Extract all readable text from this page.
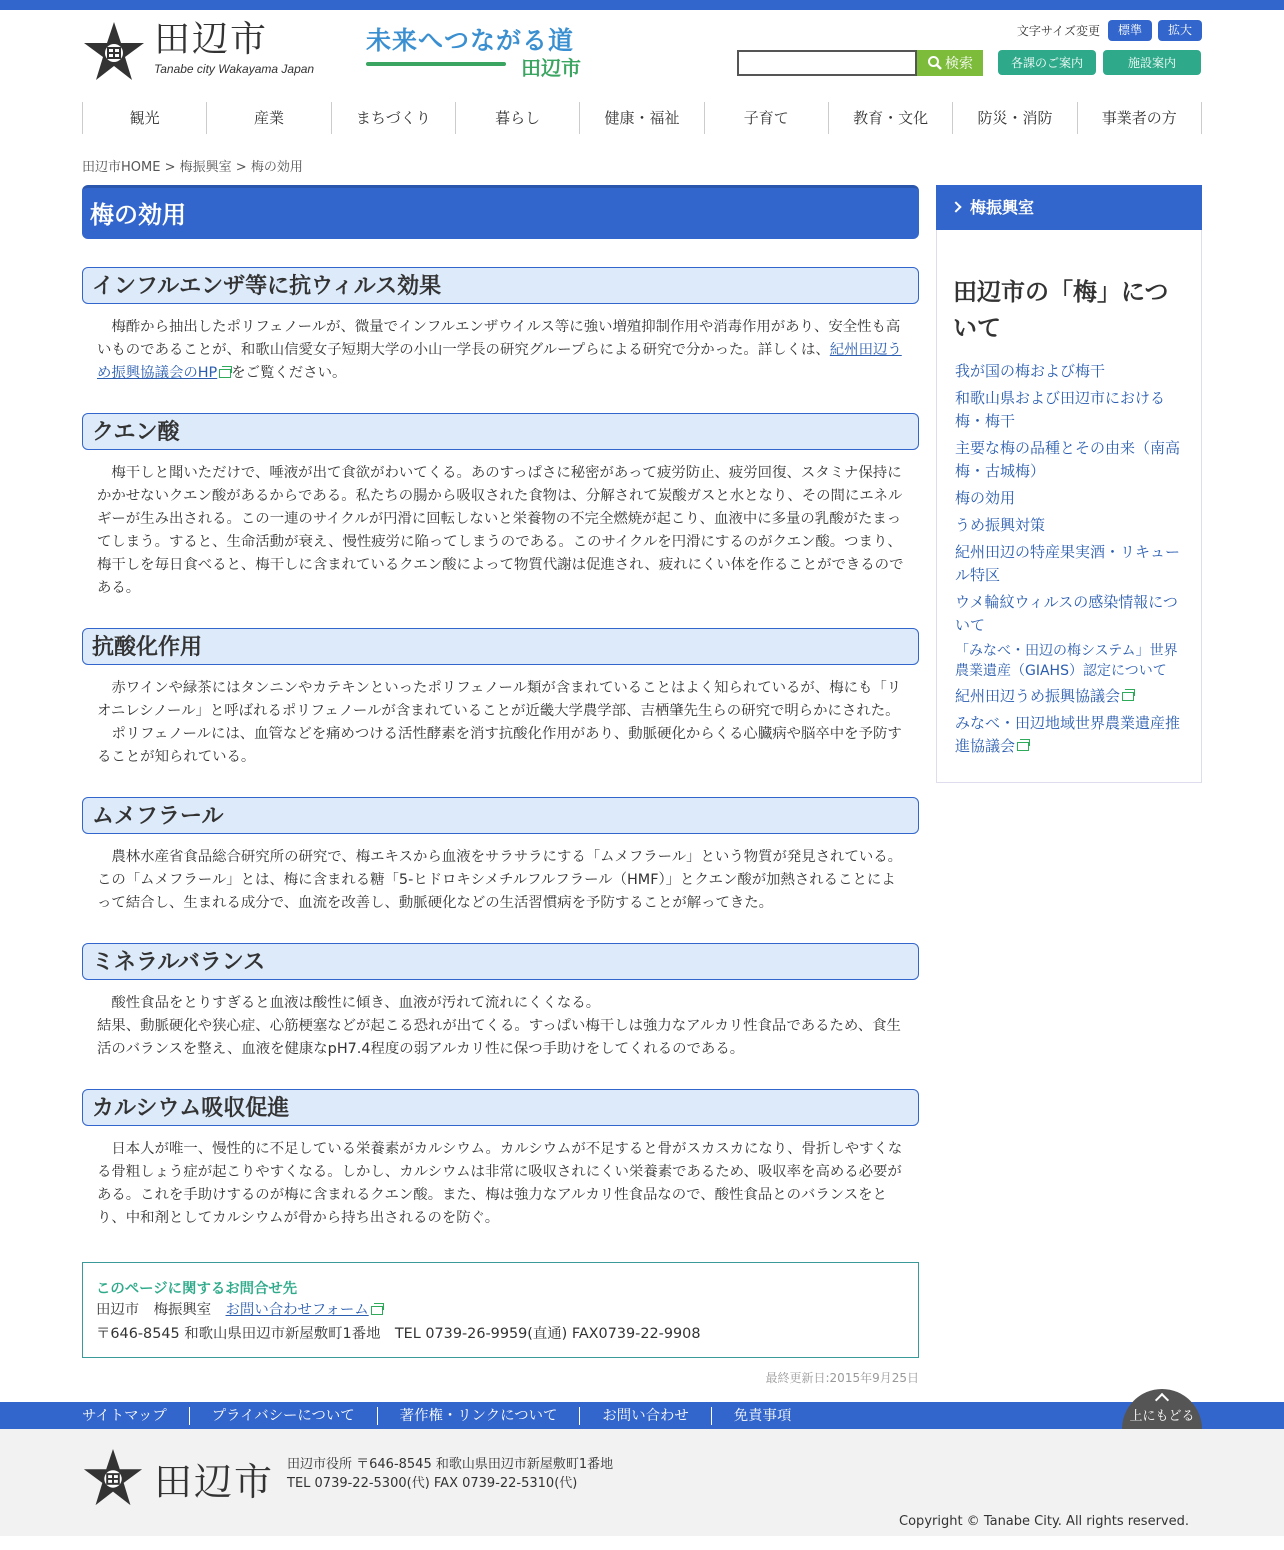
田辺市
Tanabe city Wakayama Japan
未来へつながる道
田辺市
文字サイズ変更	標準	拡大
検索	各課のご案内	施設案内
観光	産業	まちづくり	暮らし	健康・福祉	子育て	教育・文化	防災・消防	事業者の方
田辺市HOME > 梅振興室 > 梅の効用
梅の効用
インフルエンザ等に抗ウィルス効果

梅酢から抽出したポリフェノールが、微量でインフルエンザウイルス等に強い増殖抑制作用や消毒作用があり、安全性も高いものであることが、和歌山信愛女子短期大学の小山一学長の研究グループらによる研究で分かった。詳しくは、紀州田辺うめ振興協議会のHP をご覧ください。

クエン酸

梅干しと聞いただけで、唾液が出て食欲がわいてくる。あのすっぱさに秘密があって疲労防止、疲労回復、スタミナ保持にかかせないクエン酸があるからである。私たちの腸から吸収された食物は、分解されて炭酸ガスと水となり、その間にエネルギーが生み出される。この一連のサイクルが円滑に回転しないと栄養物の不完全燃焼が起こり、血液中に多量の乳酸がたまってしまう。すると、生命活動が衰え、慢性疲労に陥ってしまうのである。このサイクルを円滑にするのがクエン酸。つまり、梅干しを毎日食べると、梅干しに含まれているクエン酸によって物質代謝は促進され、疲れにくい体を作ることができるのである。

抗酸化作用

赤ワインや緑茶にはタンニンやカテキンといったポリフェノール類が含まれていることはよく知られているが、梅にも「リオニレシノール」と呼ばれるポリフェノールが含まれていることが近畿大学農学部、吉栖肇先生らの研究で明らかにされた。

ポリフェノールには、血管などを痛めつける活性酵素を消す抗酸化作用があり、動脈硬化からくる心臓病や脳卒中を予防することが知られている。

ムメフラール

農林水産省食品総合研究所の研究で、梅エキスから血液をサラサラにする「ムメフラール」という物質が発見されている。この「ムメフラール」とは、梅に含まれる糖「5-ヒドロキシメチルフルフラール（HMF）」とクエン酸が加熱されることによって結合し、生まれる成分で、血流を改善し、動脈硬化などの生活習慣病を予防することが解ってきた。

ミネラルバランス

酸性食品をとりすぎると血液は酸性に傾き、血液が汚れて流れにくくなる。

結果、動脈硬化や狭心症、心筋梗塞などが起こる恐れが出てくる。すっぱい梅干しは強力なアルカリ性食品であるため、食生活のバランスを整え、血液を健康なpH7.4程度の弱アルカリ性に保つ手助けをしてくれるのである。

カルシウム吸収促進

日本人が唯一、慢性的に不足している栄養素がカルシウム。カルシウムが不足すると骨がスカスカになり、骨折しやすくなる骨粗しょう症が起こりやすくなる。しかし、カルシウムは非常に吸収されにくい栄養素であるため、吸収率を高める必要がある。これを手助けするのが梅に含まれるクエン酸。また、梅は強力なアルカリ性食品なので、酸性食品とのバランスをとり、中和剤としてカルシウムが骨から持ち出されるのを防ぐ。

このページに関するお問合せ先
田辺市　梅振興室　お問い合わせフォーム
〒646-8545 和歌山県田辺市新屋敷町1番地　TEL 0739-26-9959(直通) FAX0739-22-9908
最終更新日:2015年9月25日
梅振興室
田辺市の「梅」について
我が国の梅および梅干
和歌山県および田辺市における梅・梅干
主要な梅の品種とその由来（南高梅・古城梅）
梅の効用
うめ振興対策
紀州田辺の特産果実酒・リキュール特区
ウメ輪紋ウィルスの感染情報について
「みなべ・田辺の梅システム」世界農業遺産（GIAHS）認定について
紀州田辺うめ振興協議会
みなべ・田辺地域世界農業遺産推進協議会
サイトマップ	プライバシーについて	著作権・リンクについて	お問い合わせ	免責事項	上にもどる
田辺市 田辺市役所 〒646-8545 和歌山県田辺市新屋敷町1番地
TEL 0739-22-5300(代) FAX 0739-22-5310(代)
Copyright © Tanabe City. All rights reserved.
